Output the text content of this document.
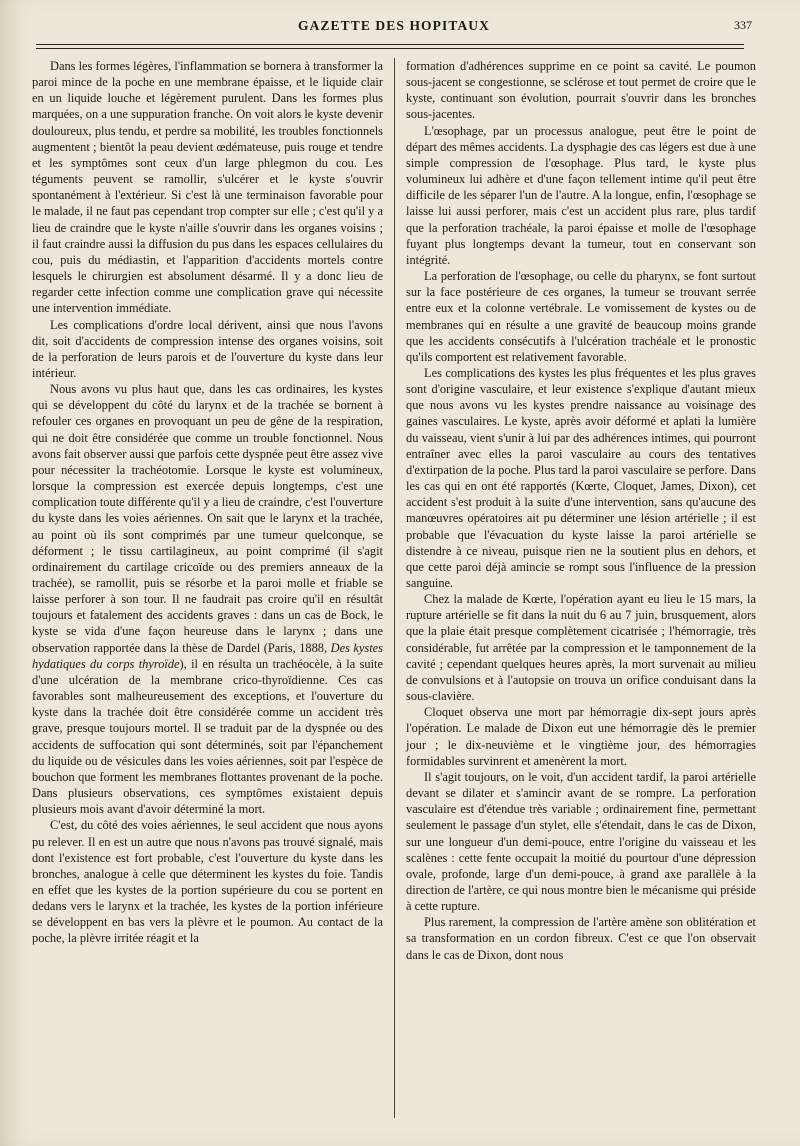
GAZETTE DES HOPITAUX	337

Dans les formes légères, l'inflammation se bornera à transformer la paroi mince de la poche en une membrane épaisse, et le liquide clair en un liquide louche et légèrement purulent. Dans les formes plus marquées, on a une suppuration franche. On voit alors le kyste devenir douloureux, plus tendu, et perdre sa mobilité, les troubles fonctionnels augmentent ; bientôt la peau devient œdémateuse, puis rouge et tendre et les symptômes sont ceux d'un large phlegmon du cou. Les téguments peuvent se ramollir, s'ulcérer et le kyste s'ouvrir spontanément à l'extérieur. Si c'est là une terminaison favorable pour le malade, il ne faut pas cependant trop compter sur elle ; c'est qu'il y a lieu de craindre que le kyste n'aille s'ouvrir dans les organes voisins ; il faut craindre aussi la diffusion du pus dans les espaces cellulaires du cou, puis du médiastin, et l'apparition d'accidents mortels contre lesquels le chirurgien est absolument désarmé. Il y a donc lieu de regarder cette infection comme une complication grave qui nécessite une intervention immédiate.

Les complications d'ordre local dérivent, ainsi que nous l'avons dit, soit d'accidents de compression intense des organes voisins, soit de la perforation de leurs parois et de l'ouverture du kyste dans leur intérieur.

Nous avons vu plus haut que, dans les cas ordinaires, les kystes qui se développent du côté du larynx et de la trachée se bornent à refouler ces organes en provoquant un peu de gêne de la respiration, qui ne doit être considérée que comme un trouble fonctionnel. Nous avons fait observer aussi que parfois cette dyspnée peut être assez vive pour nécessiter la trachéotomie. Lorsque le kyste est volumineux, lorsque la compression est exercée depuis longtemps, c'est une complication toute différente qu'il y a lieu de craindre, c'est l'ouverture du kyste dans les voies aériennes. On sait que le larynx et la trachée, au point où ils sont comprimés par une tumeur quelconque, se déforment ; le tissu cartilagineux, au point comprimé (il s'agit ordinairement du cartilage cricoïde ou des premiers anneaux de la trachée), se ramollit, puis se résorbe et la paroi molle et friable se laisse perforer à son tour. Il ne faudrait pas croire qu'il en résultât toujours et fatalement des accidents graves : dans un cas de Bock, le kyste se vida d'une façon heureuse dans le larynx ; dans une observation rapportée dans la thèse de Dardel (Paris, 1888, Des kystes hydatiques du corps thyroïde), il en résulta un trachéocèle, à la suite d'une ulcération de la membrane crico-thyroïdienne. Ces cas favorables sont malheureusement des exceptions, et l'ouverture du kyste dans la trachée doit être considérée comme un accident très grave, presque toujours mortel. Il se traduit par de la dyspnée ou des accidents de suffocation qui sont déterminés, soit par l'épanchement du liquide ou de vésicules dans les voies aériennes, soit par l'espèce de bouchon que forment les membranes flottantes provenant de la poche. Dans plusieurs observations, ces symptômes existaient depuis plusieurs mois avant d'avoir déterminé la mort.

C'est, du côté des voies aériennes, le seul accident que nous ayons pu relever. Il en est un autre que nous n'avons pas trouvé signalé, mais dont l'existence est fort probable, c'est l'ouverture du kyste dans les bronches, analogue à celle que déterminent les kystes du foie. Tandis en effet que les kystes de la portion supérieure du cou se portent en dedans vers le larynx et la trachée, les kystes de la portion inférieure se développent en bas vers la plèvre et le poumon. Au contact de la poche, la plèvre irritée réagit et la

formation d'adhérences supprime en ce point sa cavité. Le poumon sous-jacent se congestionne, se sclérose et tout permet de croire que le kyste, continuant son évolution, pourrait s'ouvrir dans les bronches sous-jacentes.

L'œsophage, par un processus analogue, peut être le point de départ des mêmes accidents. La dysphagie des cas légers est due à une simple compression de l'œsophage. Plus tard, le kyste plus volumineux lui adhère et d'une façon tellement intime qu'il peut être difficile de les séparer l'un de l'autre. A la longue, enfin, l'œsophage se laisse lui aussi perforer, mais c'est un accident plus rare, plus tardif que la perforation trachéale, la paroi épaisse et molle de l'œsophage fuyant plus longtemps devant la tumeur, tout en conservant son intégrité.

La perforation de l'œsophage, ou celle du pharynx, se font surtout sur la face postérieure de ces organes, la tumeur se trouvant serrée entre eux et la colonne vertébrale. Le vomissement de kystes ou de membranes qui en résulte a une gravité de beaucoup moins grande que les accidents consécutifs à l'ulcération trachéale et le pronostic qu'ils comportent est relativement favorable.

Les complications des kystes les plus fréquentes et les plus graves sont d'origine vasculaire, et leur existence s'explique d'autant mieux que nous avons vu les kystes prendre naissance au voisinage des gaines vasculaires. Le kyste, après avoir déformé et aplati la lumière du vaisseau, vient s'unir à lui par des adhérences intimes, qui pourront entraîner avec elles la paroi vasculaire au cours des tentatives d'extirpation de la poche. Plus tard la paroi vasculaire se perfore. Dans les cas qui en ont été rapportés (Kœrte, Cloquet, James, Dixon), cet accident s'est produit à la suite d'une intervention, sans qu'aucune des manœuvres opératoires ait pu déterminer une lésion artérielle ; il est probable que l'évacuation du kyste laisse la paroi artérielle se distendre à ce niveau, puisque rien ne la soutient plus en dehors, et que cette paroi déjà amincie se rompt sous l'influence de la pression sanguine.

Chez la malade de Kœrte, l'opération ayant eu lieu le 15 mars, la rupture artérielle se fit dans la nuit du 6 au 7 juin, brusquement, alors que la plaie était presque complètement cicatrisée ; l'hémorragie, très considérable, fut arrêtée par la compression et le tamponnement de la cavité ; cependant quelques heures après, la mort survenait au milieu de convulsions et à l'autopsie on trouva un orifice conduisant dans la sous-clavière.

Cloquet observa une mort par hémorragie dix-sept jours après l'opération. Le malade de Dixon eut une hémorragie dès le premier jour ; le dix-neuvième et le vingtième jour, des hémorragies formidables survinrent et amenèrent la mort.

Il s'agit toujours, on le voit, d'un accident tardif, la paroi artérielle devant se dilater et s'amincir avant de se rompre. La perforation vasculaire est d'étendue très variable ; ordinairement fine, permettant seulement le passage d'un stylet, elle s'étendait, dans le cas de Dixon, sur une longueur d'un demi-pouce, entre l'origine du vaisseau et les scalènes : cette fente occupait la moitié du pourtour d'une dépression ovale, profonde, large d'un demi-pouce, à grand axe parallèle à la direction de l'artère, ce qui nous montre bien le mécanisme qui préside à cette rupture.

Plus rarement, la compression de l'artère amène son oblitération et sa transformation en un cordon fibreux. C'est ce que l'on observait dans le cas de Dixon, dont nous
